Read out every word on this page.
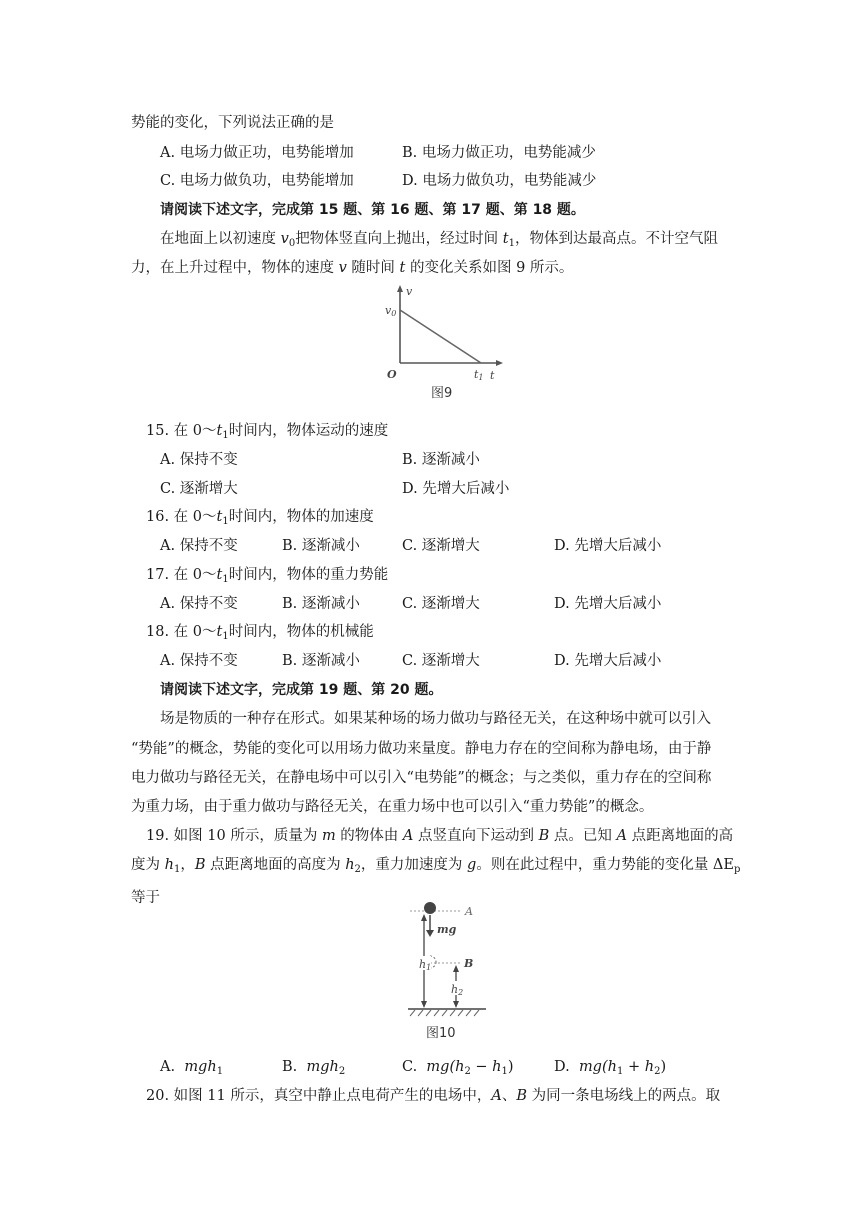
势能的变化，下列说法正确的是
A. 电场力做正功，电势能增加	B. 电场力做正功，电势能减少
C. 电场力做负功，电势能增加	D. 电场力做负功，电势能减少
请阅读下述文字，完成第 15 题、第 16 题、第 17 题、第 18 题。
在地面上以初速度 $v_0$把物体竖直向上抛出，经过时间 $t_1$，物体到达最高点。不计空气阻
力，在上升过程中，物体的速度 v 随时间 t 的变化关系如图 9 所示。
v
t
O
v0
t1
图9
15. 在 $0\sim t_1$时间内，物体运动的速度
A. 保持不变	B. 逐渐减小
C. 逐渐增大	D. 先增大后减小
16. 在 $0\sim t_1$时间内，物体的加速度
A. 保持不变	B. 逐渐减小	C. 逐渐增大	D. 先增大后减小
17. 在 $0\sim t_1$时间内，物体的重力势能
A. 保持不变	B. 逐渐减小	C. 逐渐增大	D. 先增大后减小
18. 在 $0\sim t_1$时间内，物体的机械能
A. 保持不变	B. 逐渐减小	C. 逐渐增大	D. 先增大后减小
请阅读下述文字，完成第 19 题、第 20 题。
场是物质的一种存在形式。如果某种场的场力做功与路径无关，在这种场中就可以引入
“势能”的概念，势能的变化可以用场力做功来量度。静电力存在的空间称为静电场，由于静
电力做功与路径无关，在静电场中可以引入“电势能”的概念；与之类似，重力存在的空间称
为重力场，由于重力做功与路径无关，在重力场中也可以引入“重力势能”的概念。
19. 如图 10 所示，质量为 m 的物体由 A 点竖直向下运动到 B 点。已知 A 点距离地面的高
度为 $h_1$，B 点距离地面的高度为 $h_2$，重力加速度为 g。则在此过程中，重力势能的变化量 $\Delta E_p$
等于
mg
A
B
h1
h2
图10
A. mgh$_1$	B. mgh$_2$	C. $mg(h_2 - h_1)$	D. $mg(h_1 + h_2)$
20. 如图 11 所示，真空中静止点电荷产生的电场中，A、B 为同一条电场线上的两点。取
